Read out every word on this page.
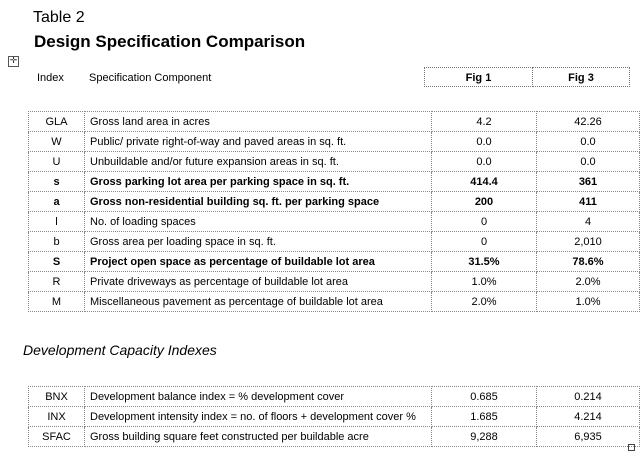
Table 2
Design Specification Comparison
✛
Index Specification Component	Fig 1	Fig 3
GLA	Gross land area in acres	4.2	42.26
W	Public/ private right-of-way and paved areas in sq. ft.	0.0	0.0
U	Unbuildable and/or future expansion areas in sq. ft.	0.0	0.0
s	Gross parking lot area per parking space in sq. ft.	414.4	361
a	Gross non-residential building sq. ft. per parking space	200	411
l	No. of loading spaces	0	4
b	Gross area per loading space in sq. ft.	0	2,010
S	Project open space as percentage of buildable lot area	31.5%	78.6%
R	Private driveways as percentage of buildable lot area	1.0%	2.0%
M	Miscellaneous pavement as percentage of buildable lot area	2.0%	1.0%
Development Capacity Indexes
BNX	Development balance index = % development cover	0.685	0.214
INX	Development intensity index = no. of floors + development cover %	1.685	4.214
SFAC	Gross building square feet constructed per buildable acre	9,288	6,935
